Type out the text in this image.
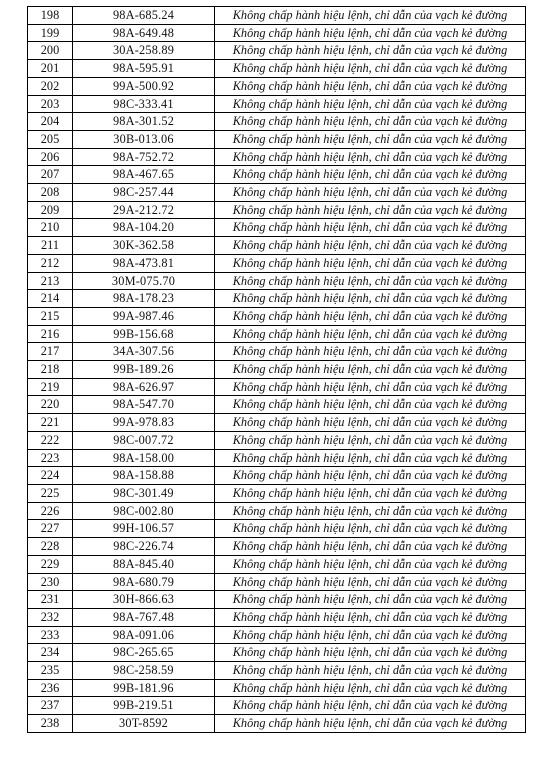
198	98A-685.24	Không chấp hành hiệu lệnh, chỉ dẫn của vạch kẻ đường
199	98A-649.48	Không chấp hành hiệu lệnh, chỉ dẫn của vạch kẻ đường
200	30A-258.89	Không chấp hành hiệu lệnh, chỉ dẫn của vạch kẻ đường
201	98A-595.91	Không chấp hành hiệu lệnh, chỉ dẫn của vạch kẻ đường
202	99A-500.92	Không chấp hành hiệu lệnh, chỉ dẫn của vạch kẻ đường
203	98C-333.41	Không chấp hành hiệu lệnh, chỉ dẫn của vạch kẻ đường
204	98A-301.52	Không chấp hành hiệu lệnh, chỉ dẫn của vạch kẻ đường
205	30B-013.06	Không chấp hành hiệu lệnh, chỉ dẫn của vạch kẻ đường
206	98A-752.72	Không chấp hành hiệu lệnh, chỉ dẫn của vạch kẻ đường
207	98A-467.65	Không chấp hành hiệu lệnh, chỉ dẫn của vạch kẻ đường
208	98C-257.44	Không chấp hành hiệu lệnh, chỉ dẫn của vạch kẻ đường
209	29A-212.72	Không chấp hành hiệu lệnh, chỉ dẫn của vạch kẻ đường
210	98A-104.20	Không chấp hành hiệu lệnh, chỉ dẫn của vạch kẻ đường
211	30K-362.58	Không chấp hành hiệu lệnh, chỉ dẫn của vạch kẻ đường
212	98A-473.81	Không chấp hành hiệu lệnh, chỉ dẫn của vạch kẻ đường
213	30M-075.70	Không chấp hành hiệu lệnh, chỉ dẫn của vạch kẻ đường
214	98A-178.23	Không chấp hành hiệu lệnh, chỉ dẫn của vạch kẻ đường
215	99A-987.46	Không chấp hành hiệu lệnh, chỉ dẫn của vạch kẻ đường
216	99B-156.68	Không chấp hành hiệu lệnh, chỉ dẫn của vạch kẻ đường
217	34A-307.56	Không chấp hành hiệu lệnh, chỉ dẫn của vạch kẻ đường
218	99B-189.26	Không chấp hành hiệu lệnh, chỉ dẫn của vạch kẻ đường
219	98A-626.97	Không chấp hành hiệu lệnh, chỉ dẫn của vạch kẻ đường
220	98A-547.70	Không chấp hành hiệu lệnh, chỉ dẫn của vạch kẻ đường
221	99A-978.83	Không chấp hành hiệu lệnh, chỉ dẫn của vạch kẻ đường
222	98C-007.72	Không chấp hành hiệu lệnh, chỉ dẫn của vạch kẻ đường
223	98A-158.00	Không chấp hành hiệu lệnh, chỉ dẫn của vạch kẻ đường
224	98A-158.88	Không chấp hành hiệu lệnh, chỉ dẫn của vạch kẻ đường
225	98C-301.49	Không chấp hành hiệu lệnh, chỉ dẫn của vạch kẻ đường
226	98C-002.80	Không chấp hành hiệu lệnh, chỉ dẫn của vạch kẻ đường
227	99H-106.57	Không chấp hành hiệu lệnh, chỉ dẫn của vạch kẻ đường
228	98C-226.74	Không chấp hành hiệu lệnh, chỉ dẫn của vạch kẻ đường
229	88A-845.40	Không chấp hành hiệu lệnh, chỉ dẫn của vạch kẻ đường
230	98A-680.79	Không chấp hành hiệu lệnh, chỉ dẫn của vạch kẻ đường
231	30H-866.63	Không chấp hành hiệu lệnh, chỉ dẫn của vạch kẻ đường
232	98A-767.48	Không chấp hành hiệu lệnh, chỉ dẫn của vạch kẻ đường
233	98A-091.06	Không chấp hành hiệu lệnh, chỉ dẫn của vạch kẻ đường
234	98C-265.65	Không chấp hành hiệu lệnh, chỉ dẫn của vạch kẻ đường
235	98C-258.59	Không chấp hành hiệu lệnh, chỉ dẫn của vạch kẻ đường
236	99B-181.96	Không chấp hành hiệu lệnh, chỉ dẫn của vạch kẻ đường
237	99B-219.51	Không chấp hành hiệu lệnh, chỉ dẫn của vạch kẻ đường
238	30T-8592	Không chấp hành hiệu lệnh, chỉ dẫn của vạch kẻ đường
